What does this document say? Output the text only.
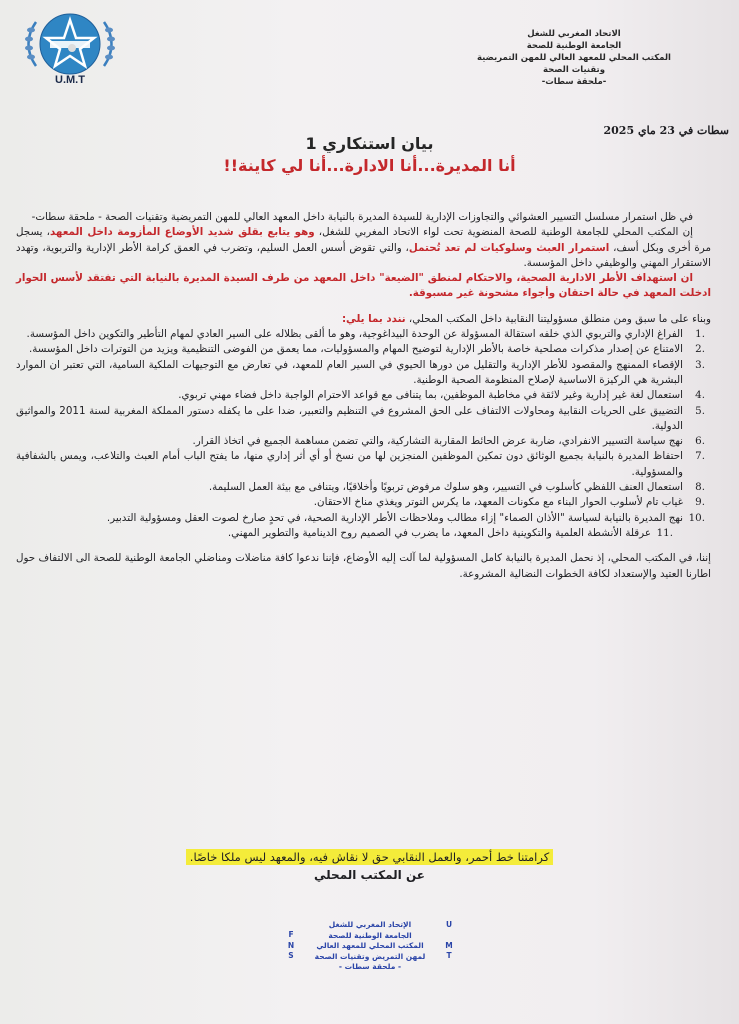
U.M.T
الاتحاد المغربي للشغل
الجامعة الوطنية للصحة
المكتب المحلي للمعهد العالي للمهن التمريضية
وتقنيات الصحة
-ملحقة سطات-
سطات في 23 ماي 2025
بيان استنكاري 1
أنا المديرة...أنا الادارة...أنا لي كاينة!!

في ظل استمرار مسلسل التسيير العشوائي والتجاوزات الإدارية للسيدة المديرة بالنيابة داخل المعهد العالي للمهن التمريضية وتقنيات الصحة - ملحقة سطات-

إن المكتب المحلي للجامعة الوطنية للصحة المنضوية تحت لواء الاتحاد المغربي للشغل، وهو يتابع بقلق شديد الأوضاع المأزومة داخل المعهد، يسجل مرة أخرى وبكل أسف، استمرار العبث وسلوكيات لم تعد تُحتمل، والتي تقوض أسس العمل السليم، وتضرب في العمق كرامة الأطر الإدارية والتربوية، وتهدد الاستقرار المهني والوظيفي داخل المؤسسة.

ان استهداف الأطر الادارية الصحية، والاحتكام لمنطق "الضيعة" داخل المعهد من طرف السيدة المديرة بالنيابة التي تفتقد لأسس الحوار ادخلت المعهد في حالة احتقان وأجواء مشحونة غير مسبوقة.

وبناء على ما سبق ومن منطلق مسؤوليتنا النقابية داخل المكتب المحلي، نندد بما يلي:

1.
الفراغ الإداري والتربوي الذي خلفه استقالة المسؤولة عن الوحدة البيداغوجية، وهو ما ألقى بظلاله على السير العادي لمهام التأطير والتكوين داخل المؤسسة.
2.
الامتناع عن إصدار مذكرات مصلحية خاصة بالأطر الإدارية لتوضيح المهام والمسؤوليات، مما يعمق من الفوضى التنظيمية ويزيد من التوترات داخل المؤسسة.
3.
الإقصاء الممنهج والمقصود للأطر الإدارية والتقليل من دورها الحيوي في السير العام للمعهد، في تعارض مع التوجيهات الملكية السامية، التي تعتبر ان الموارد البشرية هي الركيزة الاساسية لإصلاح المنظومة الصحية الوطنية.
4.
استعمال لغة غير إدارية وغير لائقة في مخاطبة الموظفين، بما يتنافى مع قواعد الاحترام الواجبة داخل فضاء مهني تربوي.
5.
التضييق على الحريات النقابية ومحاولات الالتفاف على الحق المشروع في التنظيم والتعبير، ضدا على ما يكفله دستور المملكة المغربية لسنة 2011 والمواثيق الدولية.
6.
نهج سياسة التسيير الانفرادي، ضاربة عرض الحائط المقاربة التشاركية، والتي تضمن مساهمة الجميع في اتخاذ القرار.
7.
احتفاظ المديرة بالنيابة بجميع الوثائق دون تمكين الموظفين المنجزين لها من نسخ أو أي أثر إداري منها، ما يفتح الباب أمام العبث والتلاعب، ويمس بالشفافية والمسؤولية.
8.
استعمال العنف اللفظي كأسلوب في التسيير، وهو سلوك مرفوض تربويًا وأخلاقيًا، ويتنافى مع بيئة العمل السليمة.
9.
غياب تام لأسلوب الحوار البناء مع مكونات المعهد، ما يكرس التوتر ويغذي مناخ الاحتقان.
10.
نهج المديرة بالنيابة لسياسة "الأذان الصماء" إزاء مطالب وملاحظات الأطر الإدارية الصحية، في تحدٍ صارخ لصوت العقل ومسؤولية التدبير.
11.
عرقلة الأنشطة العلمية والتكوينية داخل المعهد، ما يضرب في الصميم روح الدينامية والتطوير المهني.

إننا، في المكتب المحلي، إذ نحمل المديرة بالنيابة كامل المسؤولية لما آلت إليه الأوضاع، فإننا ندعوا كافة مناضلات ومناضلي الجامعة الوطنية للصحة الى الالتفاف حول اطارنا العتيد والإستعداد لكافة الخطوات النضالية المشروعة.

كرامتنا خط أحمر، والعمل النقابي حق لا نقاش فيه، والمعهد ليس ملكا خاصًا.
عن المكتب المحلي
U
M
T
الإتحاد المغربي للشغل
الجامعة الوطنية للصحة
المكتب المحلي للمعهد العالي
لمهن التمريض وتقنيات الصحة
- ملحقة سطات -
F
N
S
